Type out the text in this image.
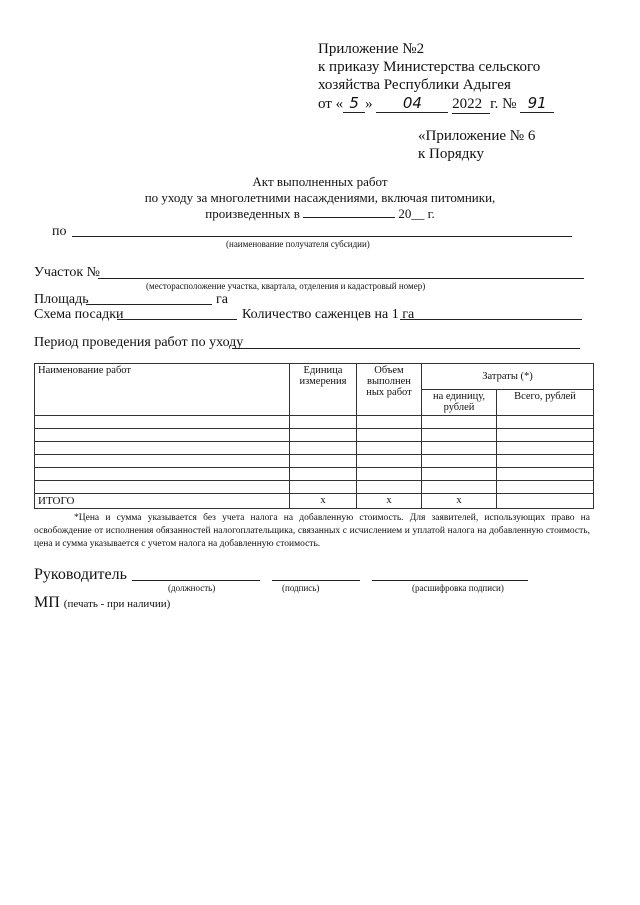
Приложение №2
к приказу Министерства сельского
хозяйства Республики Адыгея
от « 5 » 04 2022 г. № 91
«Приложение № 6
к Порядку
Акт выполненных работ
по уходу за многолетними насаждениями, включая питомники,
произведенных в	20__ г.
по
(наименование получателя субсидии)
Участок №
(месторасположение участка, квартала, отделения и кадастровый номер)
Площадь	га
Схема посадки	Количество саженцев на 1 га
Период проведения работ по уходу
Наименование работ	Единица измерения	Объем выполнен ных работ	Затраты (*)	
			на единицу, рублей	Всего, рублей

ИТОГО	х	х	х	
*Цена и сумма указывается без учета налога на добавленную стоимость. Для заявителей, использующих право на освобождение от исполнения обязанностей налогоплательщика, связанных с исчислением и уплатой налога на добавленную стоимость, цена и сумма указывается с учетом налога на добавленную стоимость.
Руководитель
(должность)	(подпись)	(расшифровка подписи)
МП (печать - при наличии)
